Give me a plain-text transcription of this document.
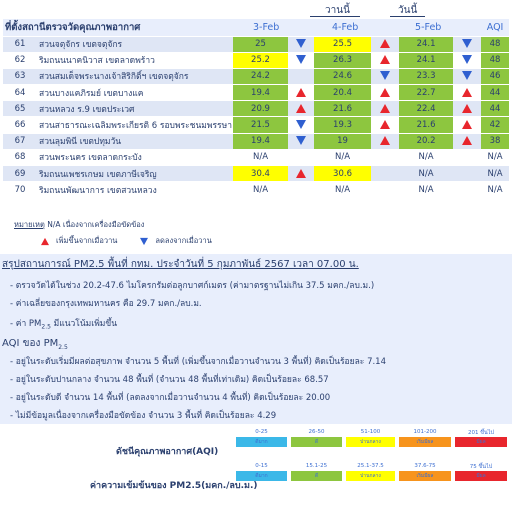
วานนี้	วันนี้
ที่ตั้งสถานีตรวจวัดคุณภาพอากาศ		3-Feb		4-Feb		5-Feb		AQI
61	สวนจตุจักร เขตจตุจักร	25		25.5		24.1		48
62	ริมถนนนาคนิวาส เขตลาดพร้าว	25.2		26.3		24.1		48
63	สวนสมเด็จพระนางเจ้าสิริกิติ์ฯ เขตจตุจักร	24.2		24.6		23.3		46
64	สวนบางแคภิรมย์ เขตบางแค	19.4		20.4		22.7		44
65	สวนหลวง ร.9 เขตประเวศ	20.9		21.6		22.4		44
66	สวนสาธารณะเฉลิมพระเกียรติ 6 รอบพระชนมพรรษา	21.5		19.3		21.6		42
67	สวนลุมพินี เขตปทุมวัน	19.4		19		20.2		38
68	สวนพระนคร เขตลาดกระบัง	N/A		N/A		N/A		N/A
69	ริมถนนเพชรเกษม เขตภาษีเจริญ	30.4		30.6		N/A		N/A
70	ริมถนนพัฒนาการ เขตสวนหลวง	N/A		N/A		N/A		N/A
หมายเหตุ N/A เนื่องจากเครื่องมือขัดข้อง
เพิ่มขึ้นจากเมื่อวาน	ลดลงจากเมื่อวาน
สรุปสถานการณ์ PM2.5 พื้นที่ กทม. ประจำวันที่ 5 กุมภาพันธ์ 2567 เวลา 07.00 น.
- ตรวจวัดได้ในช่วง 20.2-47.6 ไมโครกรัมต่อลูกบาศก์เมตร (ค่ามาตรฐานไม่เกิน 37.5 มคก./ลบ.ม.)
- ค่าเฉลี่ยของกรุงเทพมหานคร คือ 29.7 มคก./ลบ.ม.
- ค่า $PM_{2.5}$ มีแนวโน้มเพิ่มขึ้น
AQI ของ $PM_{2.5}$
- อยู่ในระดับเริ่มมีผลต่อสุขภาพ จำนวน 5 พื้นที่ (เพิ่มขึ้นจากเมื่อวานจำนวน 3 พื้นที่) คิดเป็นร้อยละ 7.14
- อยู่ในระดับปานกลาง จำนวน 48 พื้นที่ (จำนวน 48 พื้นที่เท่าเดิม) คิดเป็นร้อยละ 68.57
- อยู่ในระดับดี จำนวน 14 พื้นที่ (ลดลงจากเมื่อวานจำนวน 4 พื้นที่) คิดเป็นร้อยละ 20.00
- ไม่มีข้อมูลเนื่องจากเครื่องมือขัดข้อง จำนวน 3 พื้นที่ คิดเป็นร้อยละ 4.29
ดัชนีคุณภาพอากาศ(AQI)
ค่าความเข้มข้นของ PM2.5(มคก./ลบ.ม.)
0-25
ดีมาก
26-50
ดี
51-100
ปานกลาง
101-200
เริ่มมีผล
201 ขึ้นไป
มีผล
0-15
ดีมาก
15.1-25
ดี
25.1-37.5
ปานกลาง
37.6-75
เริ่มมีผล
75 ขึ้นไป
มีผล
